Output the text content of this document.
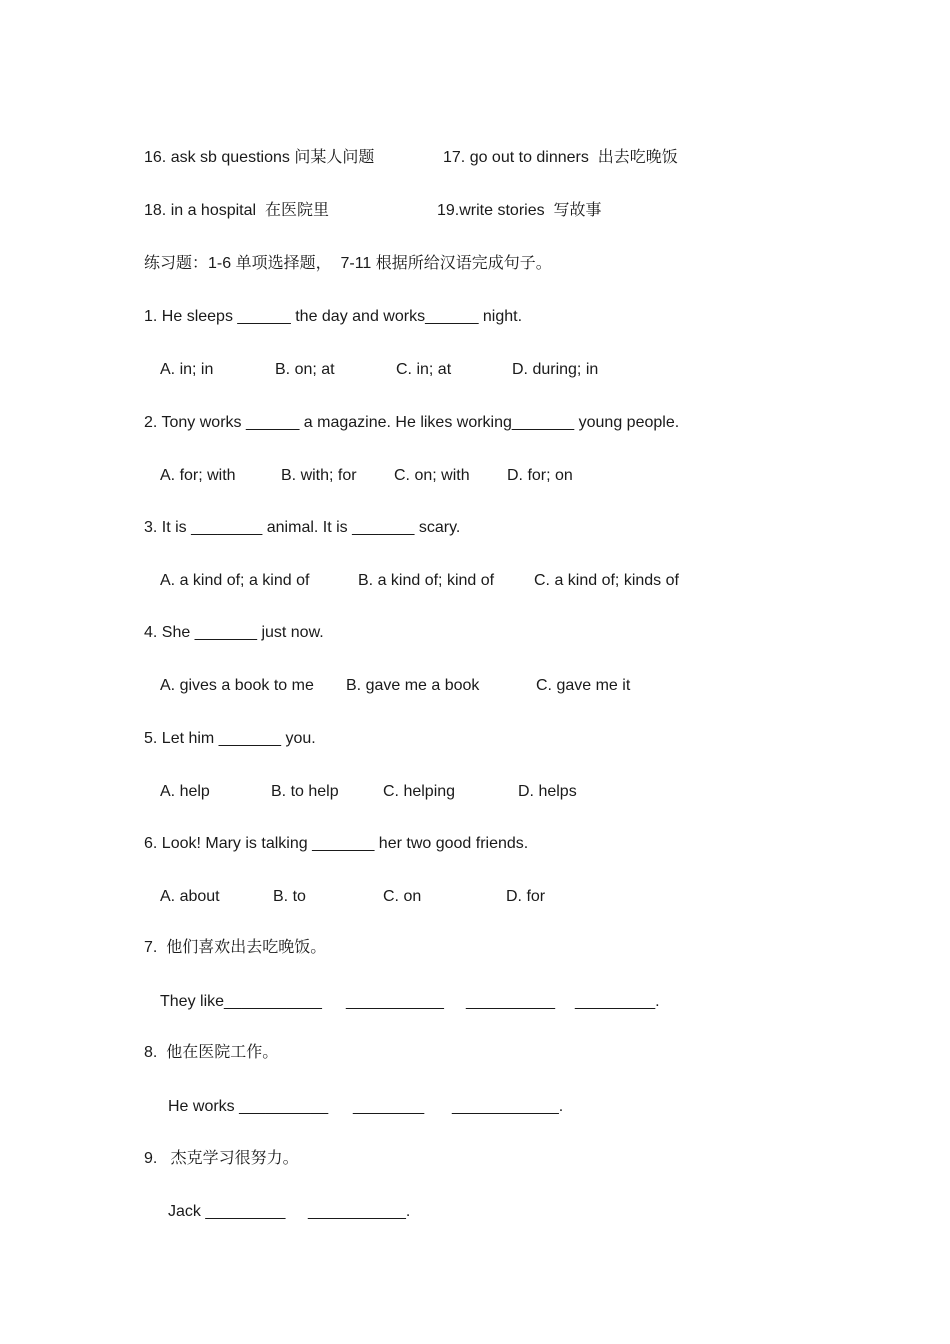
16. ask sb questions 问某人问题	17. go out to dinners  出去吃晚饭
18. in a hospital  在医院里	19.write stories  写故事
练习题：1-6 单项选择题，  7-11 根据所给汉语完成句子。
1. He sleeps ______ the day and works______ night.
A. in; in	B. on; at	C. in; at	D. during; in
2. Tony works ______ a magazine. He likes working_______ young people.
A. for; with	B. with; for C. on; with D. for; on
3. It is ________ animal. It is _______ scary.
A. a kind of; a kind of	B. a kind of; kind of C. a kind of; kinds of
4. She _______ just now.
A. gives a book to me B. gave me a book	C. gave me it
5. Let him _______ you.
A. help	B. to help	C. helping	D. helps
6. Look! Mary is talking _______ her two good friends.
A. about	B. to	C. on	D. for
7.  他们喜欢出去吃晚饭。
They like___________ ___________ __________ _________.
8.  他在医院工作。
He works __________ ________ ____________.
9.   杰克学习很努力。
Jack _________ ___________.
